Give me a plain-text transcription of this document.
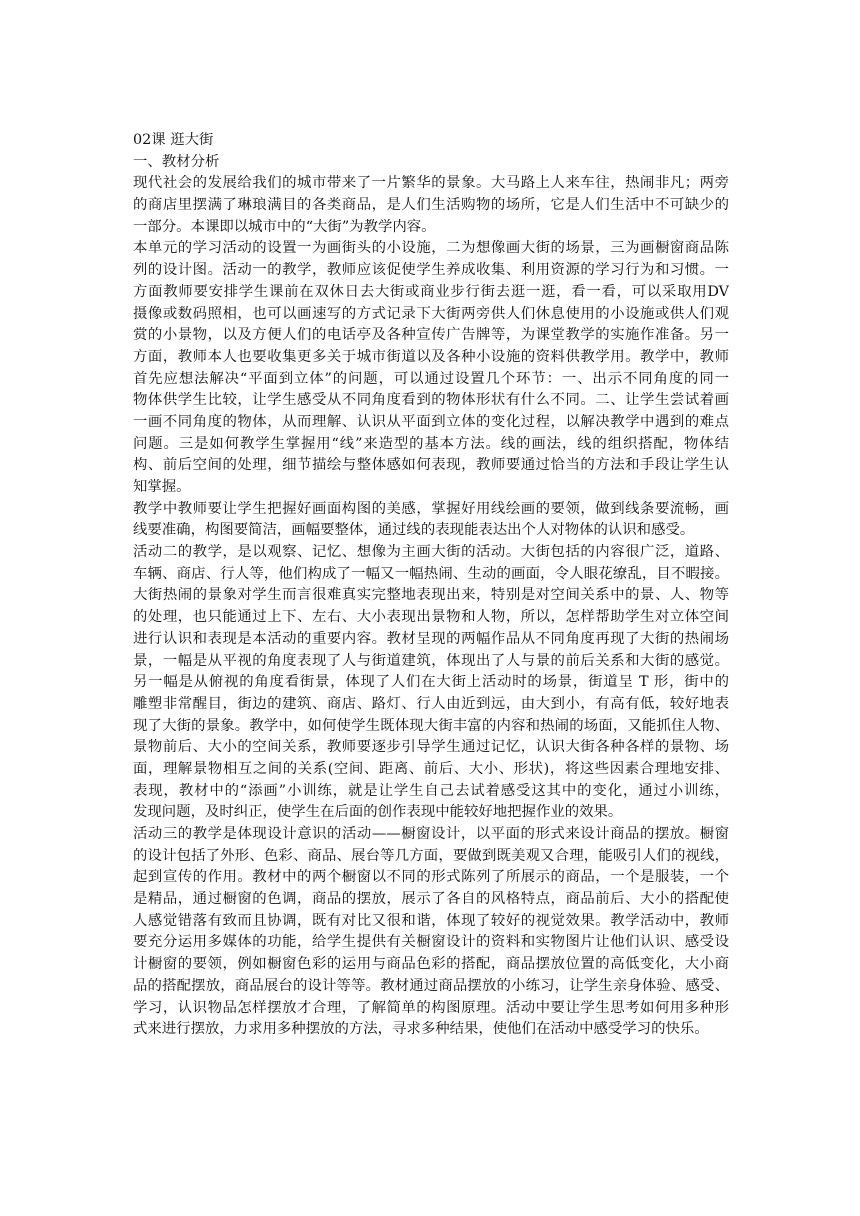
02课 逛大街

一、教材分析

现代社会的发展给我们的城市带来了一片繁华的景象。大马路上人来车往，热闹非凡；两旁

的商店里摆满了琳琅满目的各类商品，是人们生活购物的场所，它是人们生活中不可缺少的

一部分。本课即以城市中的“大街”为教学内容。

本单元的学习活动的设置一为画街头的小设施，二为想像画大街的场景，三为画橱窗商品陈

列的设计图。活动一的教学，教师应该促使学生养成收集、利用资源的学习行为和习惯。一

方面教师要安排学生课前在双休日去大街或商业步行街去逛一逛，看一看，可以采取用DV

摄像或数码照相，也可以画速写的方式记录下大街两旁供人们休息使用的小设施或供人们观

赏的小景物，以及方便人们的电话亭及各种宣传广告牌等，为课堂教学的实施作准备。另一

方面，教师本人也要收集更多关于城市街道以及各种小设施的资料供教学用。教学中，教师

首先应想法解决“平面到立体”的问题，可以通过设置几个环节：一、出示不同角度的同一

物体供学生比较，让学生感受从不同角度看到的物体形状有什么不同。二、让学生尝试着画

一画不同角度的物体，从而理解、认识从平面到立体的变化过程，以解决教学中遇到的难点

问题。三是如何教学生掌握用“线”来造型的基本方法。线的画法，线的组织搭配，物体结

构、前后空间的处理，细节描绘与整体感如何表现，教师要通过恰当的方法和手段让学生认

知掌握。

教学中教师要让学生把握好画面构图的美感，掌握好用线绘画的要领，做到线条要流畅，画

线要准确，构图要简洁，画幅要整体，通过线的表现能表达出个人对物体的认识和感受。

活动二的教学，是以观察、记忆、想像为主画大街的活动。大街包括的内容很广泛，道路、

车辆、商店、行人等，他们构成了一幅又一幅热闹、生动的画面，令人眼花缭乱，目不暇接。

大街热闹的景象对学生而言很难真实完整地表现出来，特别是对空间关系中的景、人、物等

的处理，也只能通过上下、左右、大小表现出景物和人物，所以，怎样帮助学生对立体空间

进行认识和表现是本活动的重要内容。教材呈现的两幅作品从不同角度再现了大街的热闹场

景，一幅是从平视的角度表现了人与街道建筑，体现出了人与景的前后关系和大街的感觉。

另一幅是从俯视的角度看街景，体现了人们在大街上活动时的场景，街道呈 T 形，街中的

雕塑非常醒目，街边的建筑、商店、路灯、行人由近到远，由大到小，有高有低，较好地表

现了大街的景象。教学中，如何使学生既体现大街丰富的内容和热闹的场面，又能抓住人物、

景物前后、大小的空间关系，教师要逐步引导学生通过记忆，认识大街各种各样的景物、场

面，理解景物相互之间的关系(空间、距离、前后、大小、形状)，将这些因素合理地安排、

表现，教材中的“添画”小训练，就是让学生自己去试着感受这其中的变化，通过小训练，

发现问题，及时纠正，使学生在后面的创作表现中能较好地把握作业的效果。

活动三的教学是体现设计意识的活动——橱窗设计，以平面的形式来设计商品的摆放。橱窗

的设计包括了外形、色彩、商品、展台等几方面，要做到既美观又合理，能吸引人们的视线，

起到宣传的作用。教材中的两个橱窗以不同的形式陈列了所展示的商品，一个是服装，一个

是精品，通过橱窗的色调，商品的摆放，展示了各自的风格特点，商品前后、大小的搭配使

人感觉错落有致而且协调，既有对比又很和谐，体现了较好的视觉效果。教学活动中，教师

要充分运用多媒体的功能，给学生提供有关橱窗设计的资料和实物图片让他们认识、感受设

计橱窗的要领，例如橱窗色彩的运用与商品色彩的搭配，商品摆放位置的高低变化，大小商

品的搭配摆放，商品展台的设计等等。教材通过商品摆放的小练习，让学生亲身体验、感受、

学习，认识物品怎样摆放才合理，了解简单的构图原理。活动中要让学生思考如何用多种形

式来进行摆放，力求用多种摆放的方法，寻求多种结果，使他们在活动中感受学习的快乐。
